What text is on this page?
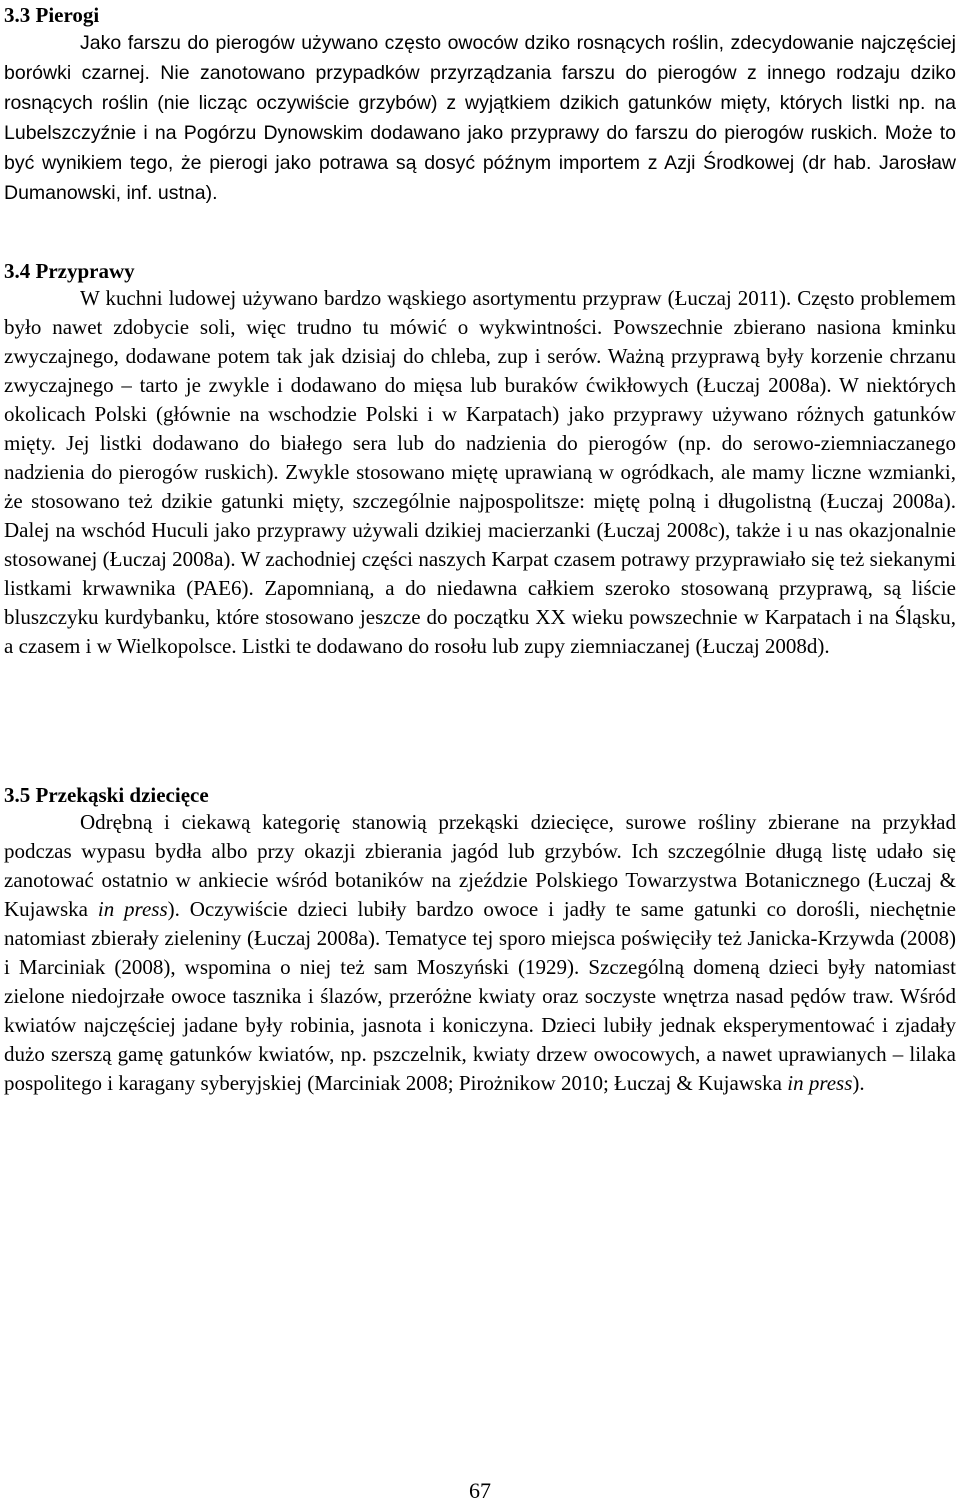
3.3 Pierogi

Jako farszu do pierogów używano często owoców dziko rosnących roślin, zdecydowanie najczęściej borówki czarnej. Nie zanotowano przypadków przyrządzania farszu do pierogów z innego rodzaju dziko rosnących roślin (nie licząc oczywiście grzybów) z wyjątkiem dzikich gatunków mięty, których listki np. na Lubelszczyźnie i na Pogórzu Dynowskim dodawano jako przyprawy do farszu do pierogów ruskich. Może to być wynikiem tego, że pierogi jako potrawa są dosyć późnym importem z Azji Środkowej (dr hab. Jarosław Dumanowski, inf. ustna).

3.4 Przyprawy

W kuchni ludowej używano bardzo wąskiego asortymentu przypraw (Łuczaj 2011). Często problemem było nawet zdobycie soli, więc trudno tu mówić o wykwintności. Powszechnie zbierano nasiona kminku zwyczajnego, dodawane potem tak jak dzisiaj do chleba, zup i serów. Ważną przyprawą były korzenie chrzanu zwyczajnego – tarto je zwykle i dodawano do mięsa lub buraków ćwikłowych (Łuczaj 2008a). W niektórych okolicach Polski (głównie na wschodzie Polski i w Karpatach) jako przyprawy używano różnych gatunków mięty. Jej listki dodawano do białego sera lub do nadzienia do pierogów (np. do serowo-ziemniaczanego nadzienia do pierogów ruskich). Zwykle stosowano miętę uprawianą w ogródkach, ale mamy liczne wzmianki, że stosowano też dzikie gatunki mięty, szczególnie najpospolitsze: miętę polną i długolistną (Łuczaj 2008a). Dalej na wschód Huculi jako przyprawy używali dzikiej macierzanki (Łuczaj 2008c), także i u nas okazjonalnie stosowanej (Łuczaj 2008a). W zachodniej części naszych Karpat czasem potrawy przyprawiało się też siekanymi listkami krwawnika (PAE6). Zapomnianą, a do niedawna całkiem szeroko stosowaną przyprawą, są liście bluszczyku kurdybanku, które stosowano jeszcze do początku XX wieku powszechnie w Karpatach i na Śląsku, a czasem i w Wielkopolsce. Listki te dodawano do rosołu lub zupy ziemniaczanej (Łuczaj 2008d).

3.5 Przekąski dziecięce

Odrębną i ciekawą kategorię stanowią przekąski dziecięce, surowe rośliny zbierane na przykład podczas wypasu bydła albo przy okazji zbierania jagód lub grzybów. Ich szczególnie długą listę udało się zanotować ostatnio w ankiecie wśród botaników na zjeździe Polskiego Towarzystwa Botanicznego (Łuczaj & Kujawska in press). Oczywiście dzieci lubiły bardzo owoce i jadły te same gatunki co dorośli, niechętnie natomiast zbierały zieleniny (Łuczaj 2008a). Tematyce tej sporo miejsca poświęciły też Janicka-Krzywda (2008) i Marciniak (2008), wspomina o niej też sam Moszyński (1929). Szczególną domeną dzieci były natomiast zielone niedojrzałe owoce tasznika i ślazów, przeróżne kwiaty oraz soczyste wnętrza nasad pędów traw. Wśród kwiatów najczęściej jadane były robinia, jasnota i koniczyna. Dzieci lubiły jednak eksperymentować i zjadały dużo szerszą gamę gatunków kwiatów, np. pszczelnik, kwiaty drzew owocowych, a nawet uprawianych – lilaka pospolitego i karagany syberyjskiej (Marciniak 2008; Pirożnikow 2010; Łuczaj & Kujawska in press).

67
